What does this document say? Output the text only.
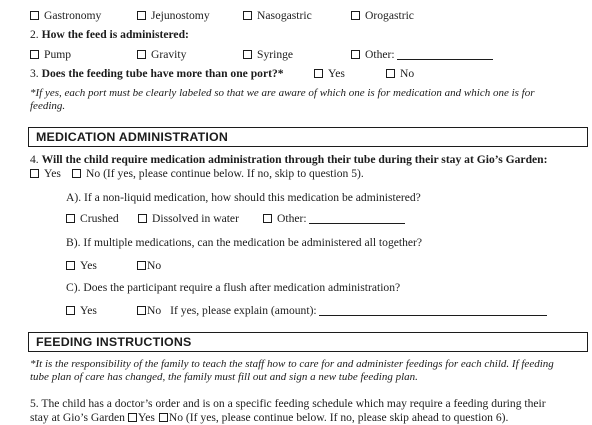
Gastronomy	Jejunostomy	Nasogastric	Orogastric
2. How the feed is administered:
Pump	Gravity	Syringe	Other:
3. Does the feeding tube have more than one port?*	Yes	No
*If yes, each port must be clearly labeled so that we are aware of which one is for medication and which one is for feeding.
MEDICATION ADMINISTRATION
4. Will the child require medication administration through their tube during their stay at Gio’s Garden:
Yes No (If yes, please continue below. If no, skip to question 5).
A). If a non-liquid medication, how should this medication be administered?
Crushed	Dissolved in water	Other:
B). If multiple medications, can the medication be administered all together?
Yes	No
C). Does the participant require a flush after medication administration?
Yes	No If yes, please explain (amount):
FEEDING INSTRUCTIONS
*It is the responsibility of the family to teach the staff how to care for and administer feedings for each child. If feeding tube plan of care has changed, the family must fill out and sign a new tube feeding plan.
5. The child has a doctor’s order and is on a specific feeding schedule which may require a feeding during their
stay at Gio’s Garden Yes No (If yes, please continue below. If no, please skip ahead to question 6).
